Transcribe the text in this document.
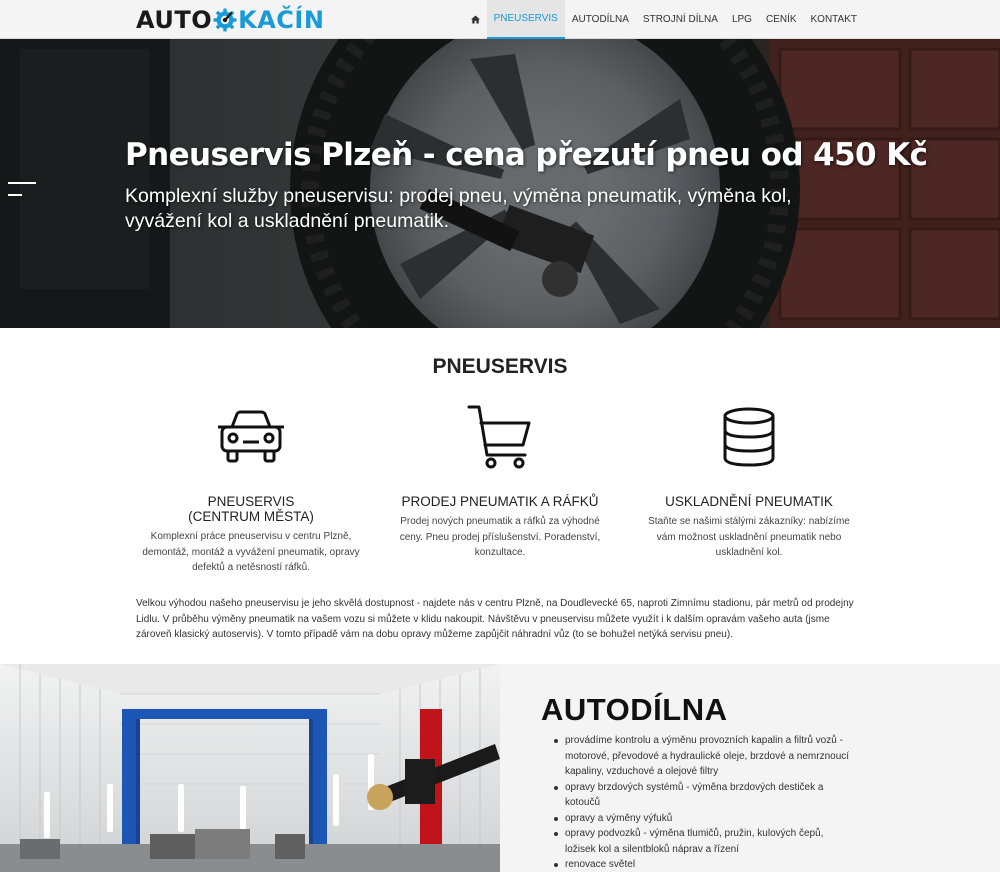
AUTO KAČÍN	PNEUSERVIS	AUTODÍLNA	STROJNÍ DÍLNA	LPG	CENÍK	KONTAKT
Pneuservis Plzeň - cena přezutí pneu od 450 Kč

Komplexní služby pneuservisu: prodej pneu, výměna pneumatik, výměna kol, vyvážení kol a uskladnění pneumatik.

PNEUSERVIS
PNEUSERVIS
(CENTRUM MĚSTA)

Komplexní práce pneuservisu v centru Plzně, demontáž, montáž a vyvážení pneumatik, opravy defektů a netěsností ráfků.

PRODEJ PNEUMATIK A RÁFKŮ

Prodej nových pneumatik a ráfků za výhodné ceny. Pneu prodej příslušenství. Poradenství, konzultace.

USKLADNĚNÍ PNEUMATIK

Staňte se našimi stálými zákazníky: nabízíme vám možnost uskladnění pneumatik nebo uskladnění kol.

Velkou výhodou našeho pneuservisu je jeho skvělá dostupnost - najdete nás v centru Plzně, na Doudlevecké 65, naproti Zimnímu stadionu, pár metrů od prodejny Lidlu. V průběhu výměny pneumatik na vašem vozu si můžete v klidu nakoupit. Návštěvu v pneuservisu můžete využít i k dalším opravám vašeho auta (jsme zároveň klasický autoservis). V tomto případě vám na dobu opravy můžeme zapůjčit náhradní vůz (to se bohužel netýká servisu pneu).

AUTODÍLNA
provádíme kontrolu a výměnu provozních kapalin a filtrů vozů - motorové, převodové a hydraulické oleje, brzdové a nemrznoucí kapaliny, vzduchové a olejové filtry
opravy brzdových systémů - výměna brzdových destiček a kotoučů
opravy a výměny výfuků
opravy podvozků - výměna tlumičů, pružin, kulových čepů, ložisek kol a silentbloků náprav a řízení
renovace světel
